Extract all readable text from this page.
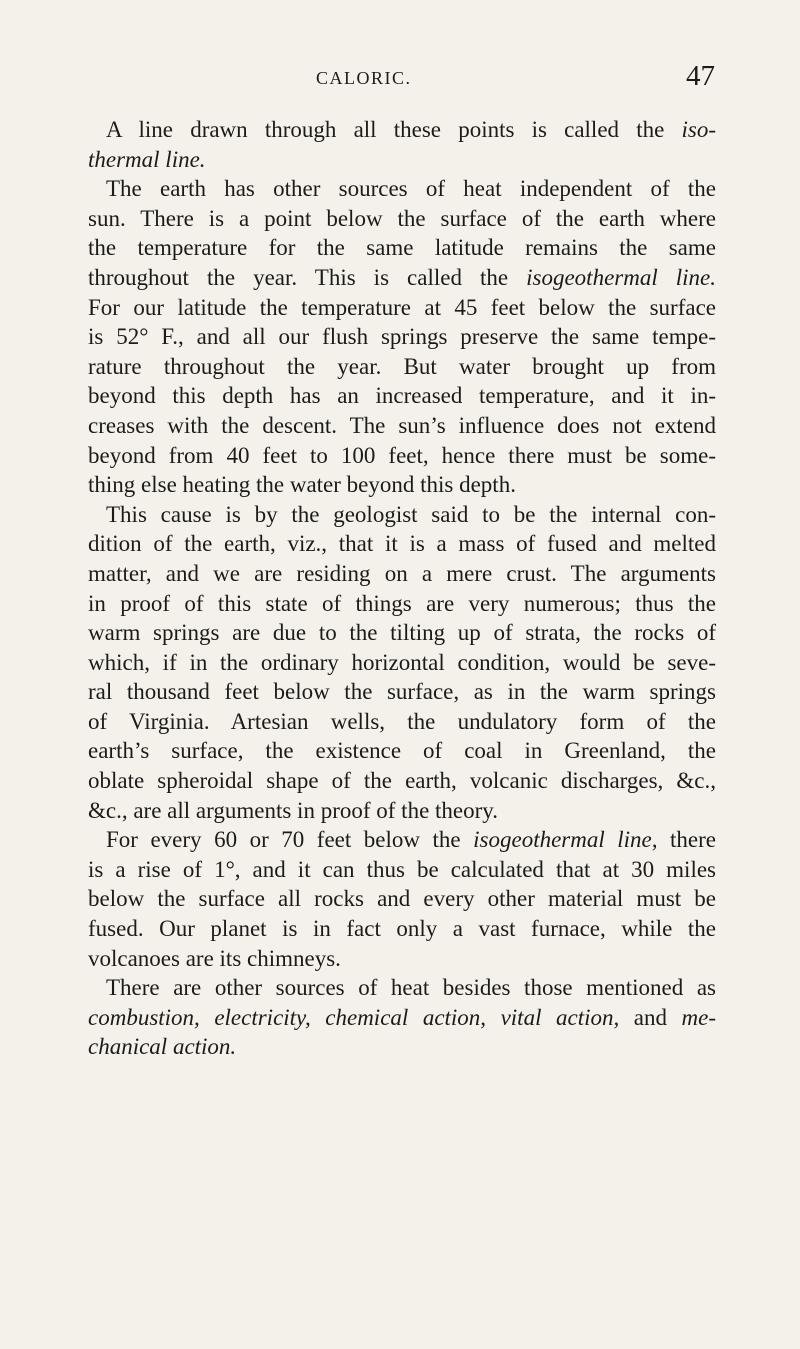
CALORIC.	47
A line drawn through all these points is called the iso-
thermal line.
The earth has other sources of heat independent of the
sun. There is a point below the surface of the earth where
the temperature for the same latitude remains the same
throughout the year. This is called the isogeothermal line.
For our latitude the temperature at 45 feet below the surface
is 52° F., and all our flush springs preserve the same tempe-
rature throughout the year. But water brought up from
beyond this depth has an increased temperature, and it in-
creases with the descent. The sun’s influence does not extend
beyond from 40 feet to 100 feet, hence there must be some-
thing else heating the water beyond this depth.
This cause is by the geologist said to be the internal con-
dition of the earth, viz., that it is a mass of fused and melted
matter, and we are residing on a mere crust. The arguments
in proof of this state of things are very numerous; thus the
warm springs are due to the tilting up of strata, the rocks of
which, if in the ordinary horizontal condition, would be seve-
ral thousand feet below the surface, as in the warm springs
of Virginia. Artesian wells, the undulatory form of the
earth’s surface, the existence of coal in Greenland, the
oblate spheroidal shape of the earth, volcanic discharges, &c.,
&c., are all arguments in proof of the theory.
For every 60 or 70 feet below the isogeothermal line, there
is a rise of 1°, and it can thus be calculated that at 30 miles
below the surface all rocks and every other material must be
fused. Our planet is in fact only a vast furnace, while the
volcanoes are its chimneys.
There are other sources of heat besides those mentioned as
combustion, electricity, chemical action, vital action, and me-
chanical action.
